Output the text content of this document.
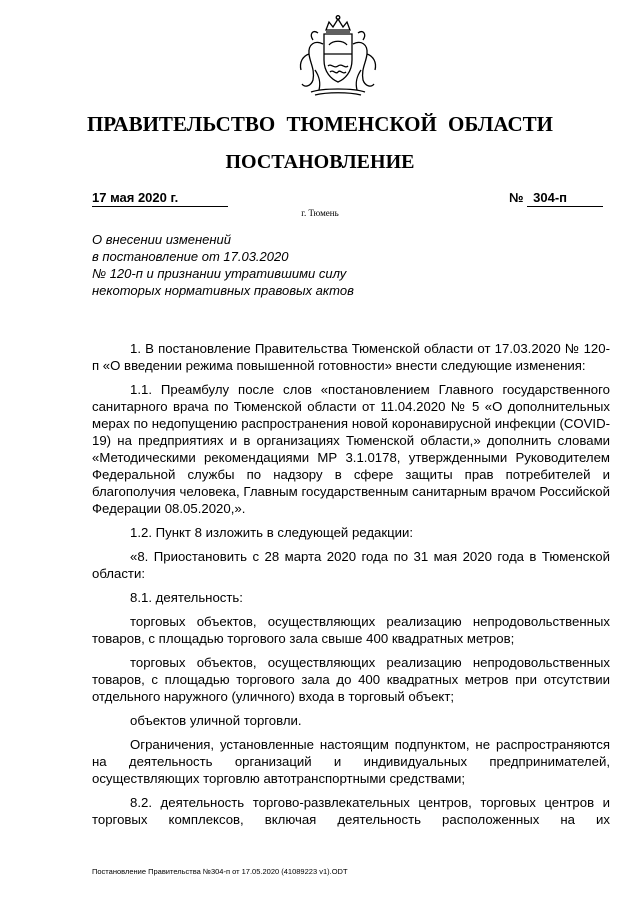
ПРАВИТЕЛЬСТВО ТЮМЕНСКОЙ ОБЛАСТИ
ПОСТАНОВЛЕНИЕ
17 мая 2020 г.	№ 304-п
г. Тюмень
О внесении изменений
в постановление от 17.03.2020
№ 120-п и признании утратившими силу
некоторых нормативных правовых актов

1. В постановление Правительства Тюменской области от 17.03.2020 № 120-п «О введении режима повышенной готовности» внести следующие изменения:

1.1. Преамбулу после слов «постановлением Главного государственного санитарного врача по Тюменской области от 11.04.2020 № 5 «О дополнительных мерах по недопущению распространения новой коронавирусной инфекции (COVID-19) на предприятиях и в организациях Тюменской области,» дополнить словами «Методическими рекомендациями МР 3.1.0178, утвержденными Руководителем Федеральной службы по надзору в сфере защиты прав потребителей и благополучия человека, Главным государственным санитарным врачом Российской Федерации 08.05.2020,».

1.2. Пункт 8 изложить в следующей редакции:

«8. Приостановить с 28 марта 2020 года по 31 мая 2020 года в Тюменской области:

8.1. деятельность:

торговых объектов, осуществляющих реализацию непродовольственных товаров, с площадью торгового зала свыше 400 квадратных метров;

торговых объектов, осуществляющих реализацию непродовольственных товаров, с площадью торгового зала до 400 квадратных метров при отсутствии отдельного наружного (уличного) входа в торговый объект;

объектов уличной торговли.

Ограничения, установленные настоящим подпунктом, не распространяются на деятельность организаций и индивидуальных предпринимателей, осуществляющих торговлю автотранспортными средствами;

8.2. деятельность торгово-развлекательных центров, торговых центров и торговых комплексов, включая деятельность расположенных на их

Постановление Правительства №304-п от 17.05.2020 (41089223 v1).ODT
